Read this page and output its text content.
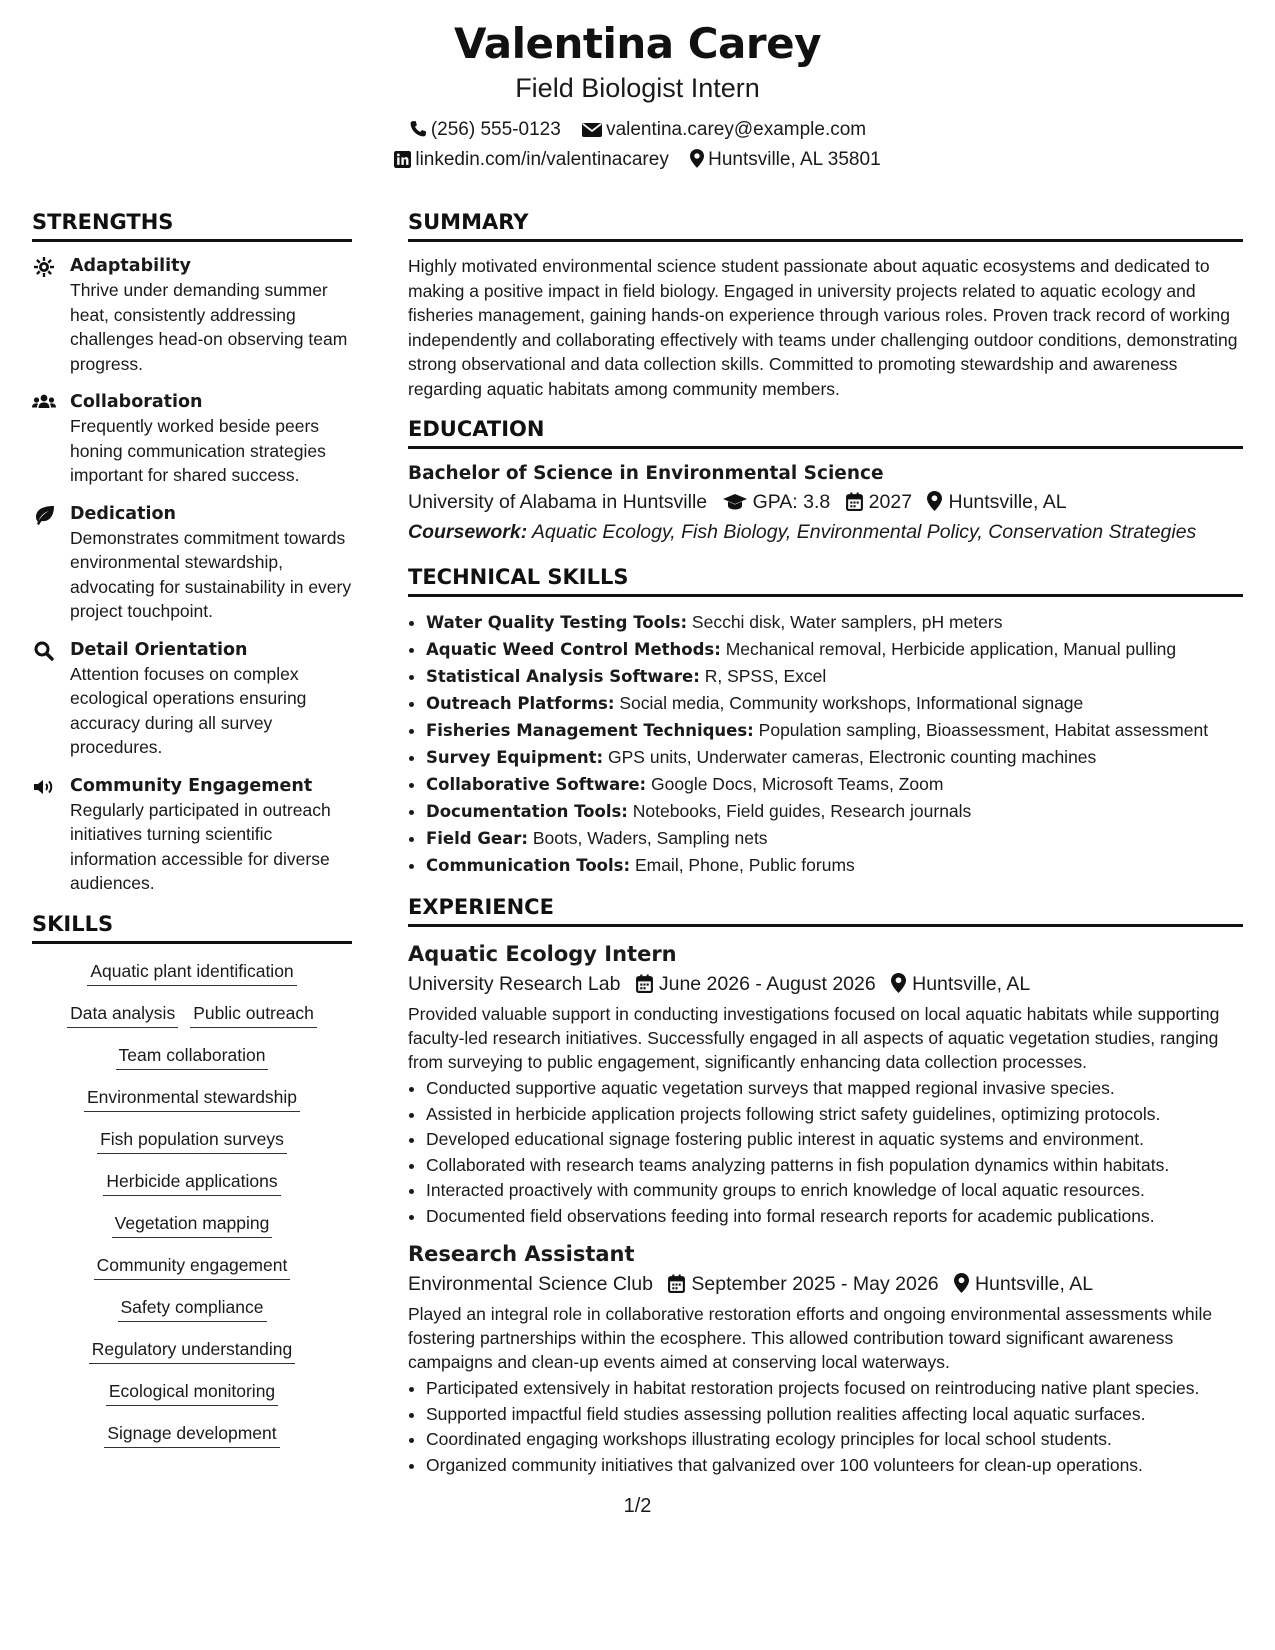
Valentina Carey
Field Biologist Intern
(256) 555-0123 valentina.carey@example.com
linkedin.com/in/valentinacarey Huntsville, AL 35801
STRENGTHS
Adaptability
Thrive under demanding summer heat, consistently addressing challenges head-on observing team progress.
Collaboration
Frequently worked beside peers honing communication strategies important for shared success.
Dedication
Demonstrates commitment towards environmental stewardship, advocating for sustainability in every project touchpoint.
Detail Orientation
Attention focuses on complex ecological operations ensuring accuracy during all survey procedures.
Community Engagement
Regularly participated in outreach initiatives turning scientific information accessible for diverse audiences.
SKILLS
Aquatic plant identification
Data analysis Public outreach
Team collaboration
Environmental stewardship
Fish population surveys
Herbicide applications
Vegetation mapping
Community engagement
Safety compliance
Regulatory understanding
Ecological monitoring
Signage development
SUMMARY
Highly motivated environmental science student passionate about aquatic ecosystems and dedicated to making a positive impact in field biology. Engaged in university projects related to aquatic ecology and fisheries management, gaining hands-on experience through various roles. Proven track record of working independently and collaborating effectively with teams under challenging outdoor conditions, demonstrating strong observational and data collection skills. Committed to promoting stewardship and awareness regarding aquatic habitats among community members.
EDUCATION
Bachelor of Science in Environmental Science
University of Alabama in Huntsville GPA: 3.8 2027 Huntsville, AL
Coursework: Aquatic Ecology, Fish Biology, Environmental Policy, Conservation Strategies
TECHNICAL SKILLS
• Water Quality Testing Tools: Secchi disk, Water samplers, pH meters
• Aquatic Weed Control Methods: Mechanical removal, Herbicide application, Manual pulling
• Statistical Analysis Software: R, SPSS, Excel
• Outreach Platforms: Social media, Community workshops, Informational signage
• Fisheries Management Techniques: Population sampling, Bioassessment, Habitat assessment
• Survey Equipment: GPS units, Underwater cameras, Electronic counting machines
• Collaborative Software: Google Docs, Microsoft Teams, Zoom
• Documentation Tools: Notebooks, Field guides, Research journals
• Field Gear: Boots, Waders, Sampling nets
• Communication Tools: Email, Phone, Public forums
EXPERIENCE
Aquatic Ecology Intern
University Research Lab June 2026 - August 2026 Huntsville, AL
Provided valuable support in conducting investigations focused on local aquatic habitats while supporting faculty-led research initiatives. Successfully engaged in all aspects of aquatic vegetation studies, ranging from surveying to public engagement, significantly enhancing data collection processes.
• Conducted supportive aquatic vegetation surveys that mapped regional invasive species.
• Assisted in herbicide application projects following strict safety guidelines, optimizing protocols.
• Developed educational signage fostering public interest in aquatic systems and environment.
• Collaborated with research teams analyzing patterns in fish population dynamics within habitats.
• Interacted proactively with community groups to enrich knowledge of local aquatic resources.
• Documented field observations feeding into formal research reports for academic publications.
Research Assistant
Environmental Science Club September 2025 - May 2026 Huntsville, AL
Played an integral role in collaborative restoration efforts and ongoing environmental assessments while fostering partnerships within the ecosphere. This allowed contribution toward significant awareness campaigns and clean-up events aimed at conserving local waterways.
• Participated extensively in habitat restoration projects focused on reintroducing native plant species.
• Supported impactful field studies assessing pollution realities affecting local aquatic surfaces.
• Coordinated engaging workshops illustrating ecology principles for local school students.
• Organized community initiatives that galvanized over 100 volunteers for clean-up operations.
1/2
